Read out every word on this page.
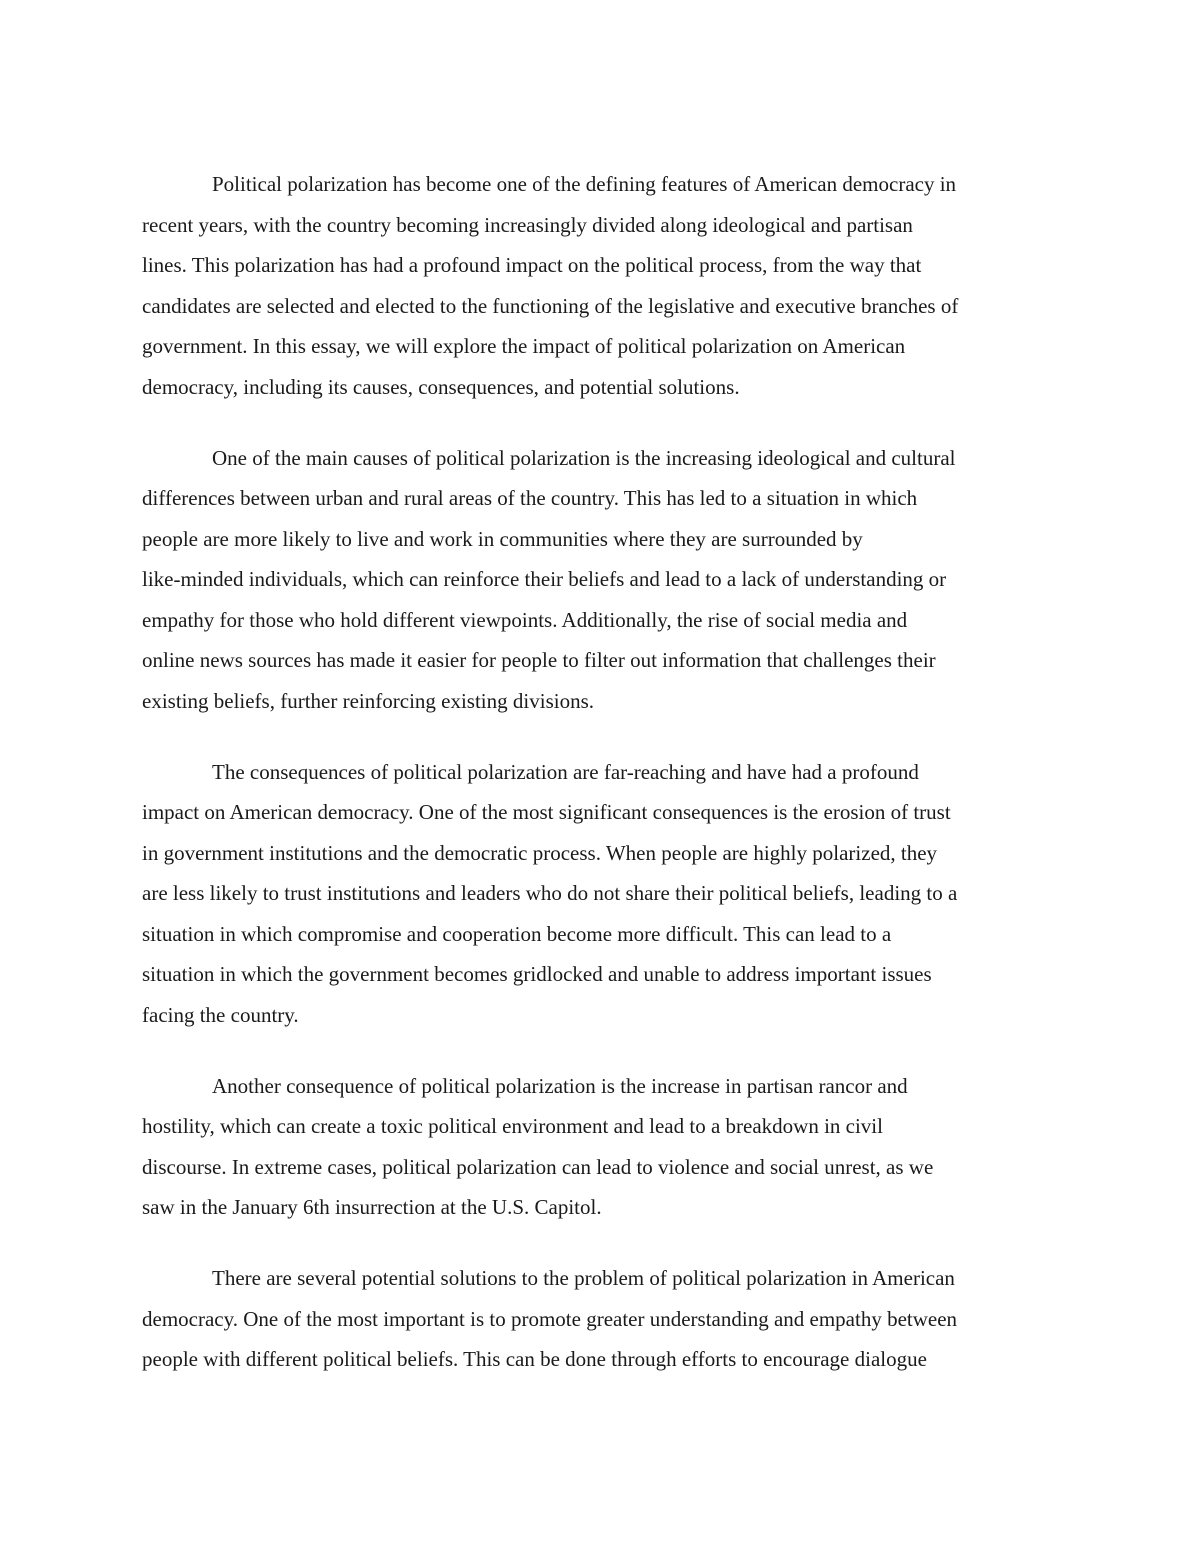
Political polarization has become one of the defining features of American democracy in
recent years, with the country becoming increasingly divided along ideological and partisan
lines. This polarization has had a profound impact on the political process, from the way that
candidates are selected and elected to the functioning of the legislative and executive branches of
government. In this essay, we will explore the impact of political polarization on American
democracy, including its causes, consequences, and potential solutions.
One of the main causes of political polarization is the increasing ideological and cultural
differences between urban and rural areas of the country. This has led to a situation in which
people are more likely to live and work in communities where they are surrounded by
like-minded individuals, which can reinforce their beliefs and lead to a lack of understanding or
empathy for those who hold different viewpoints. Additionally, the rise of social media and
online news sources has made it easier for people to filter out information that challenges their
existing beliefs, further reinforcing existing divisions.
The consequences of political polarization are far-reaching and have had a profound
impact on American democracy. One of the most significant consequences is the erosion of trust
in government institutions and the democratic process. When people are highly polarized, they
are less likely to trust institutions and leaders who do not share their political beliefs, leading to a
situation in which compromise and cooperation become more difficult. This can lead to a
situation in which the government becomes gridlocked and unable to address important issues
facing the country.
Another consequence of political polarization is the increase in partisan rancor and
hostility, which can create a toxic political environment and lead to a breakdown in civil
discourse. In extreme cases, political polarization can lead to violence and social unrest, as we
saw in the January 6th insurrection at the U.S. Capitol.
There are several potential solutions to the problem of political polarization in American
democracy. One of the most important is to promote greater understanding and empathy between
people with different political beliefs. This can be done through efforts to encourage dialogue
